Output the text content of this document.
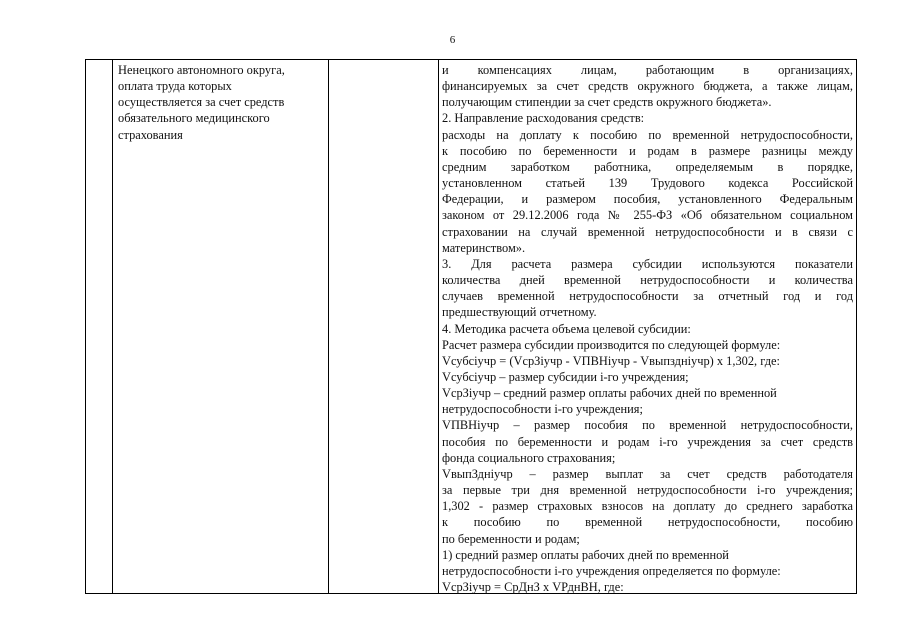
6
Ненецкого автономного округа,
оплата труда которых
осуществляется за счет средств
обязательного медицинского
страхования
и компенсациях лицам, работающим в организациях,
финансируемых за счет средств окружного бюджета, а также лицам,
получающим стипендии за счет средств окружного бюджета».
2. Направление расходования средств:
расходы на доплату к пособию по временной нетрудоспособности,
к пособию по беременности и родам в размере разницы между
средним заработком работника, определяемым в порядке,
установленном статьей 139 Трудового кодекса Российской
Федерации, и размером пособия, установленного Федеральным
законом от 29.12.2006 года № 255-ФЗ «Об обязательном социальном
страховании на случай временной нетрудоспособности и в связи с
материнством».
3. Для расчета размера субсидии используются показатели
количества дней временной нетрудоспособности и количества
случаев временной нетрудоспособности за отчетный год и год
предшествующий отчетному.
4. Методика расчета объема целевой субсидии:
Расчет размера субсидии производится по следующей формуле:
Vсубсiучр = (VсрЗiучр - VПВНiучр - Vвыпздніучр) х 1,302, где:
Vсубсiучр – размер субсидии i-го учреждения;
VсрЗiучр – средний размер оплаты рабочих дней по временной
нетрудоспособности i-го учреждения;
VПВНiучр – размер пособия по временной нетрудоспособности,
пособия по беременности и родам i-го учреждения за счет средств
фонда социального страхования;
VвыпЗдніучр – размер выплат за счет средств работодателя
за первые три дня временной нетрудоспособности i-го учреждения;
1,302 - размер страховых взносов на доплату до среднего заработка
к пособию по временной нетрудоспособности, пособию
по беременности и родам;
1) средний размер оплаты рабочих дней по временной
нетрудоспособности i-го учреждения определяется по формуле:
VсрЗiучр = СрДнЗ х VРднВН, где:
